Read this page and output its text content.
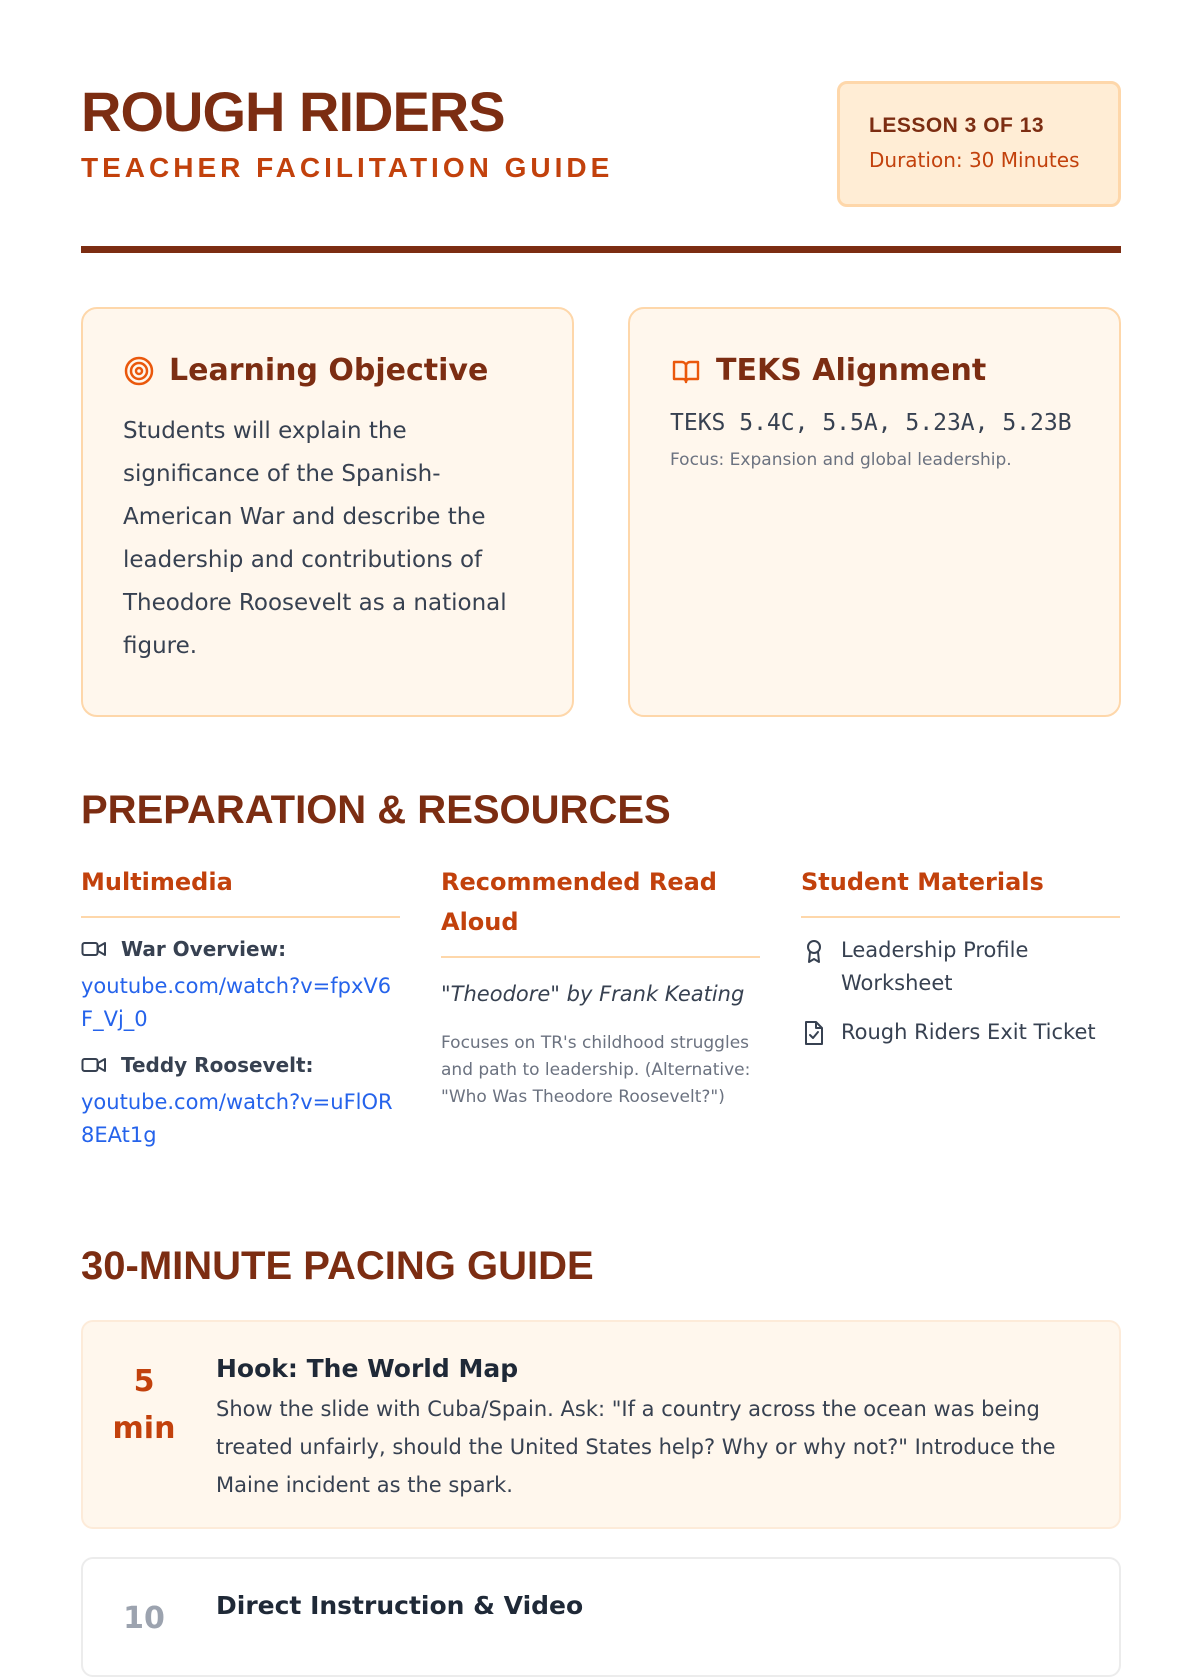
ROUGH RIDERS
TEACHER FACILITATION GUIDE
LESSON 3 OF 13
Duration: 30 Minutes
Learning Objective

Students will explain the significance of the Spanish-American War and describe the leadership and contributions of Theodore Roosevelt as a national figure.

TEKS Alignment
TEKS 5.4C, 5.5A, 5.23A, 5.23B
Focus: Expansion and global leadership.
PREPARATION & RESOURCES
Multimedia
War Overview:
youtube.com/watch?v=fpxV6F_Vj_0
Teddy Roosevelt:
youtube.com/watch?v=uFlOR8EAt1g
Recommended Read Aloud
"Theodore" by Frank Keating
Focuses on TR's childhood struggles and path to leadership. (Alternative: "Who Was Theodore Roosevelt?")
Student Materials
Leadership Profile Worksheet
Rough Riders Exit Ticket
30-MINUTE PACING GUIDE
5 min
Hook: The World Map
Show the slide with Cuba/Spain. Ask: "If a country across the ocean was being treated unfairly, should the United States help? Why or why not?" Introduce the Maine incident as the spark.
10	Direct Instruction & Video
